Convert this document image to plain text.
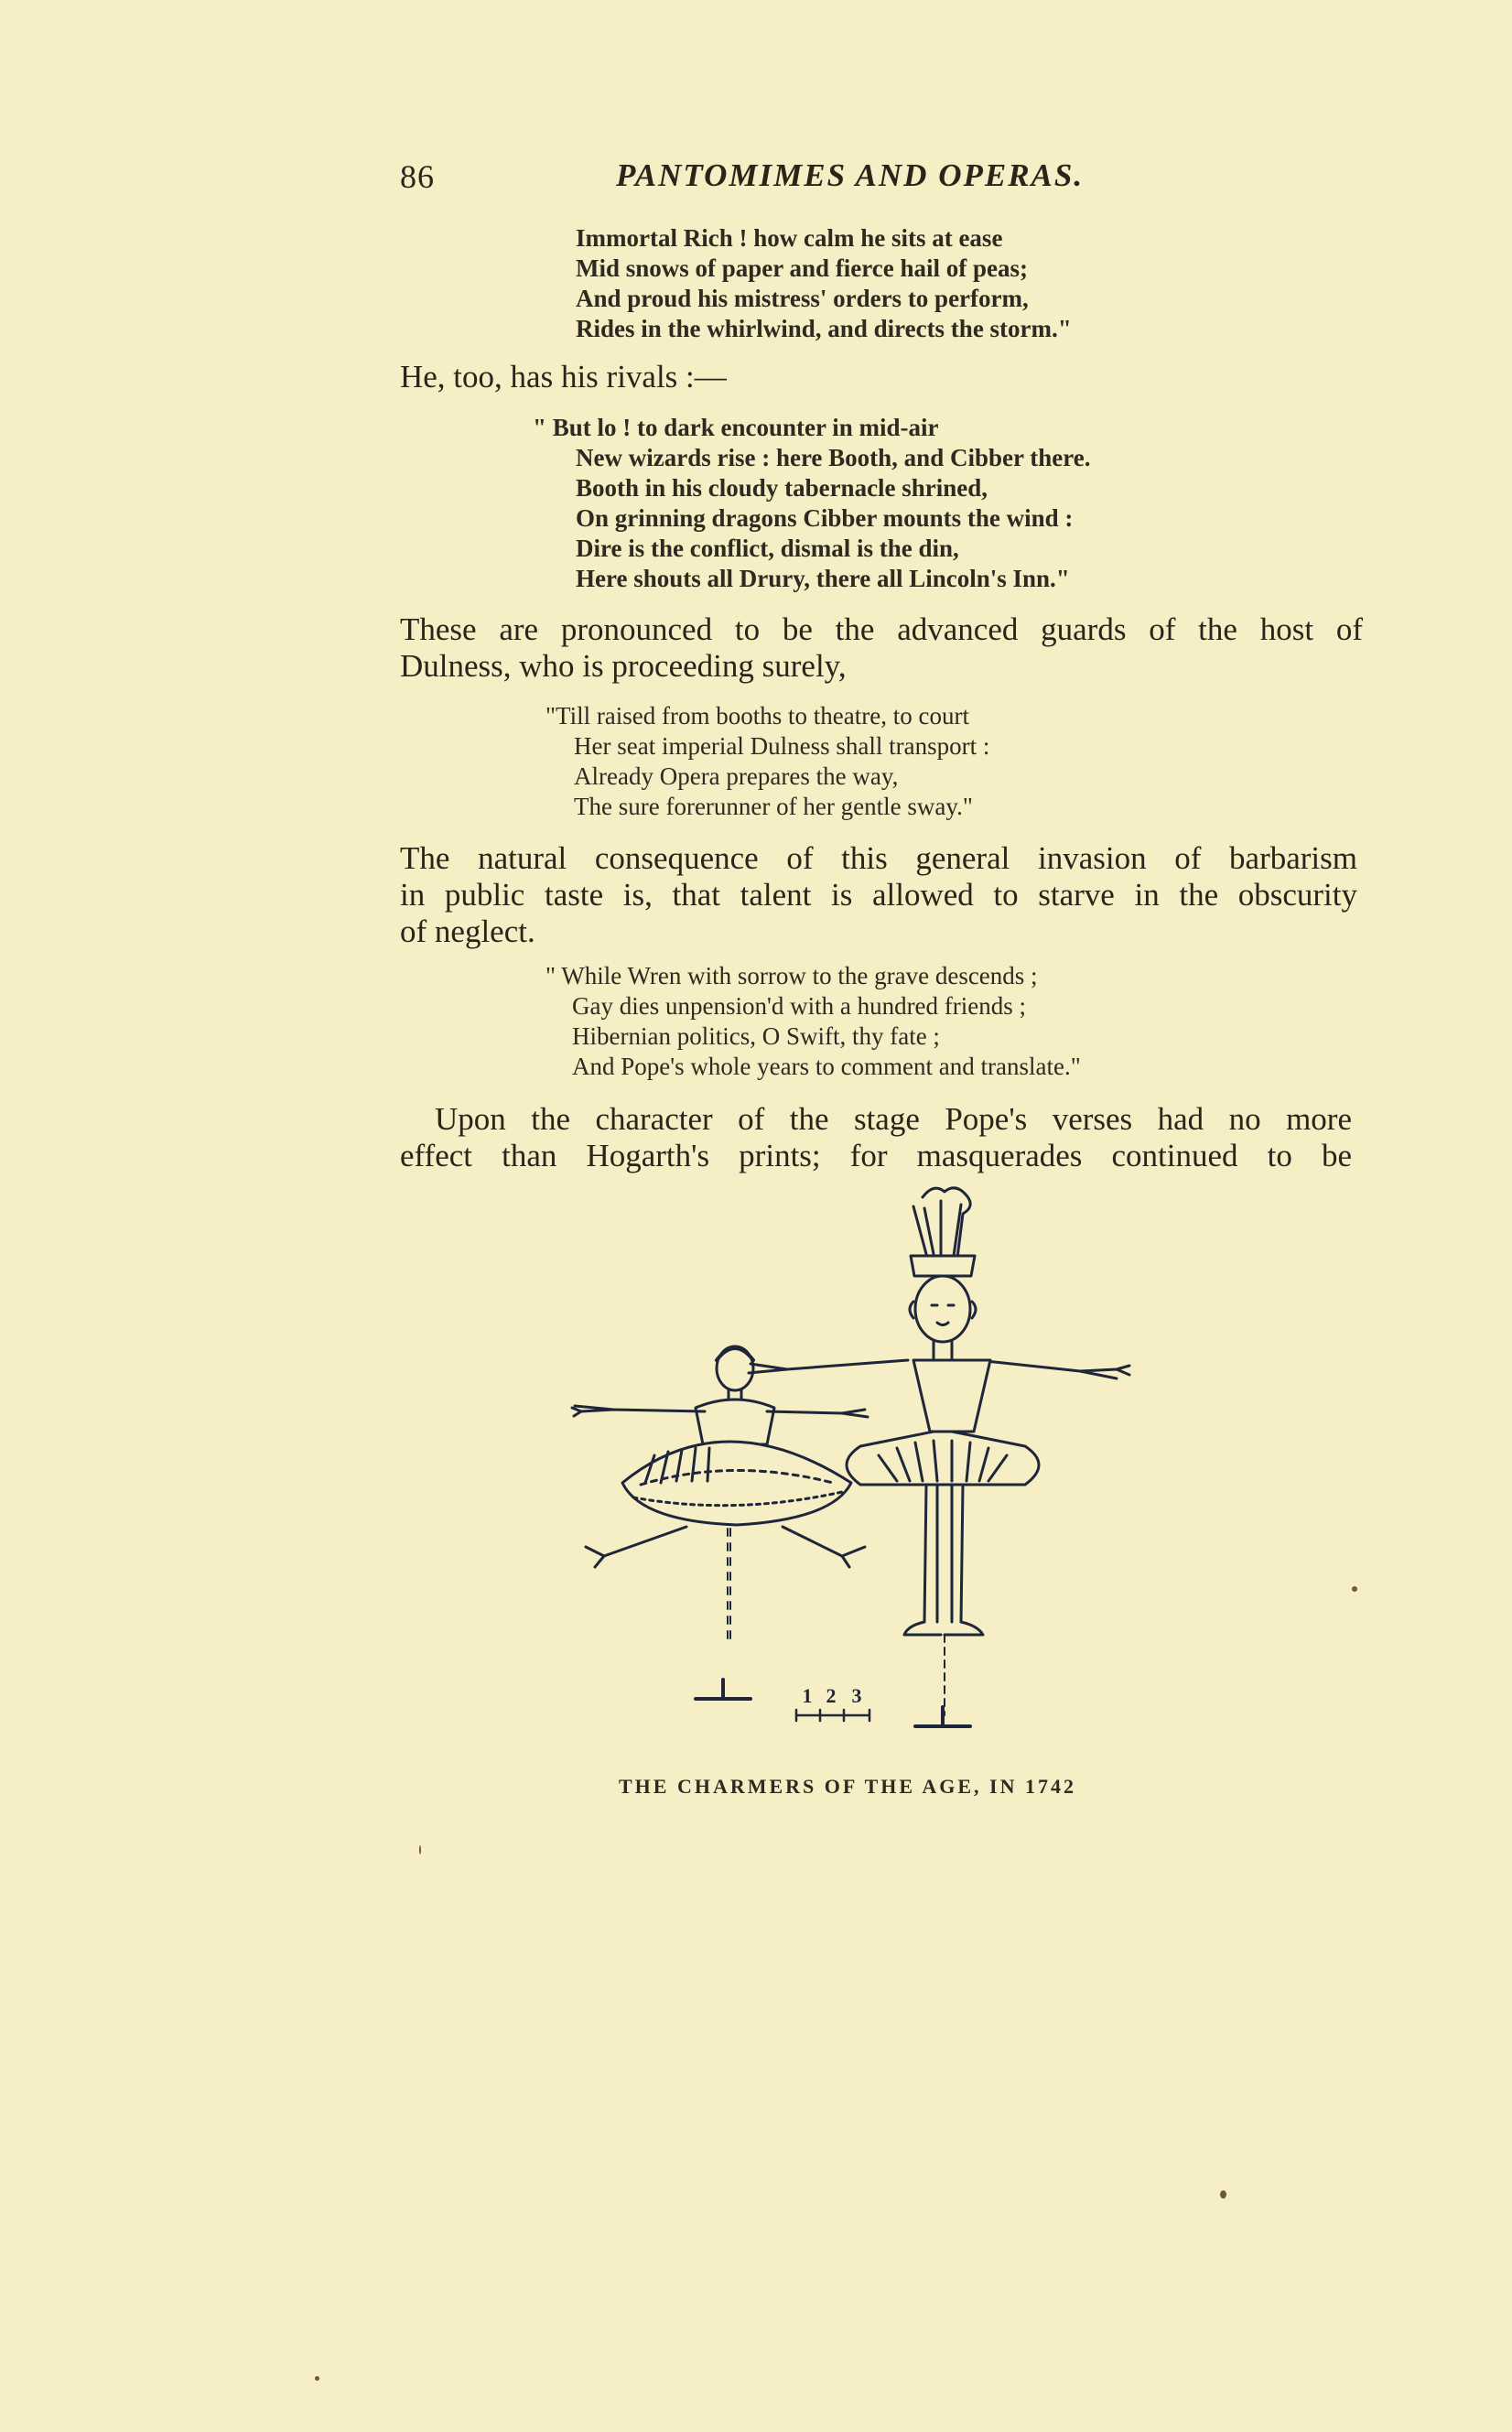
86	PANTOMIMES AND OPERAS.
Immortal Rich ! how calm he sits at ease
Mid snows of paper and fierce hail of peas;
And proud his mistress' orders to perform,
Rides in the whirlwind, and directs the storm."

He, too, has his rivals :—

" But lo ! to dark encounter in mid-air
New wizards rise : here Booth, and Cibber there.
Booth in his cloudy tabernacle shrined,
On grinning dragons Cibber mounts the wind :
Dire is the conflict, dismal is the din,
Here shouts all Drury, there all Lincoln's Inn."

These are pronounced to be the advanced guards of the host of
Dulness, who is proceeding surely,

"Till raised from booths to theatre, to court
Her seat imperial Dulness shall transport :
Already Opera prepares the way,
The sure forerunner of her gentle sway."

The natural consequence of this general invasion of barbarism
in public taste is, that talent is allowed to starve in the obscurity
of neglect.

" While Wren with sorrow to the grave descends ;
Gay dies unpension'd with a hundred friends ;
Hibernian politics, O Swift, thy fate ;
And Pope's whole years to comment and translate."

Upon the character of the stage Pope's verses had no more
effect than Hogarth's prints; for masquerades continued to be

1 2 3
THE CHARMERS OF THE AGE, IN 1742
